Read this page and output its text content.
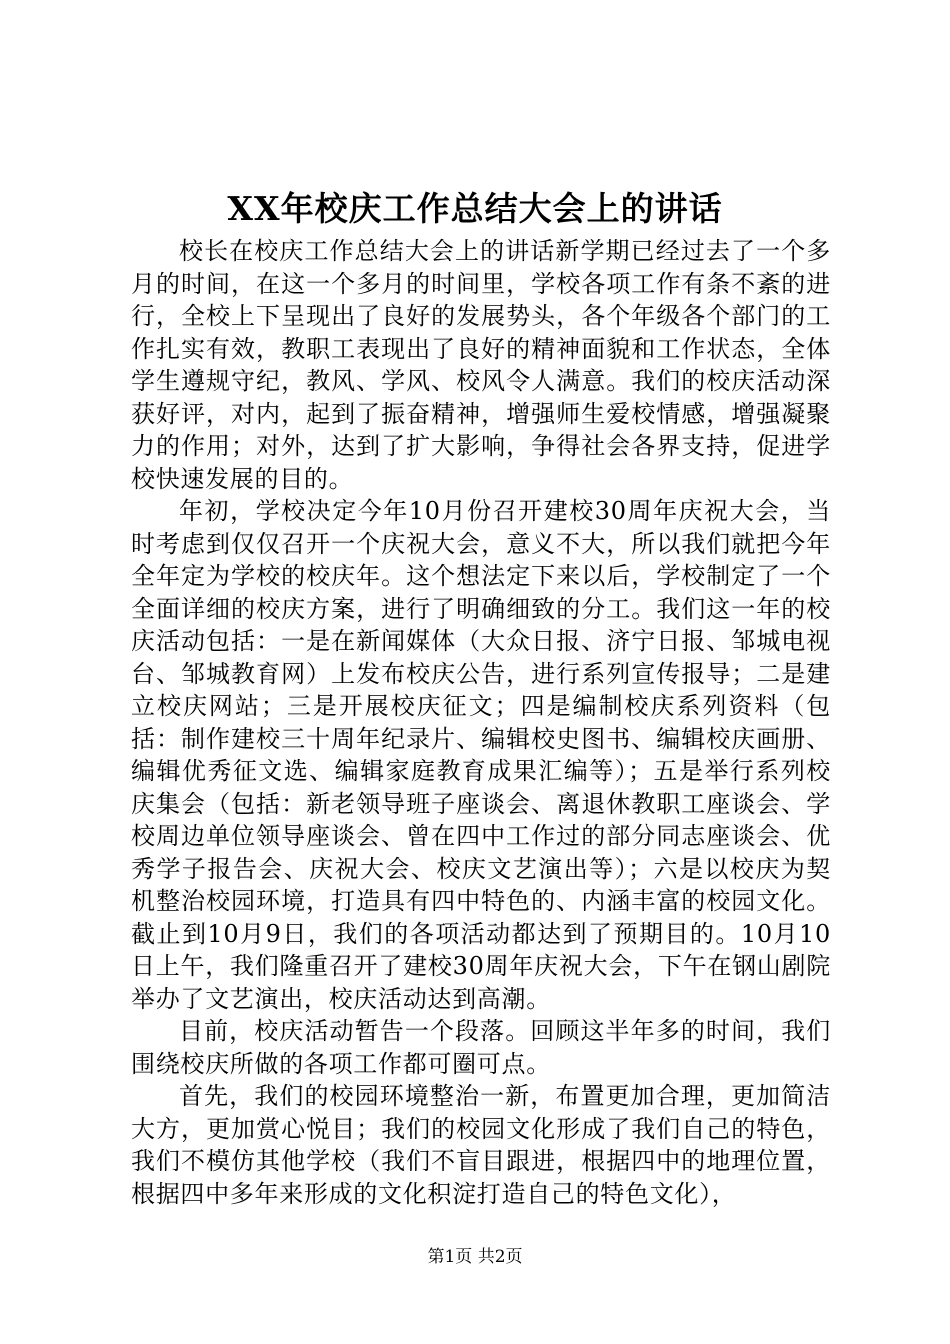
XX年校庆工作总结大会上的讲话

校长在校庆工作总结大会上的讲话新学期已经过去了一个多月的时间，在这一个多月的时间里，学校各项工作有条不紊的进行，全校上下呈现出了良好的发展势头，各个年级各个部门的工作扎实有效，教职工表现出了良好的精神面貌和工作状态，全体学生遵规守纪，教风、学风、校风令人满意。我们的校庆活动深获好评，对内，起到了振奋精神，增强师生爱校情感，增强凝聚力的作用；对外，达到了扩大影响，争得社会各界支持，促进学校快速发展的目的。

年初，学校决定今年10月份召开建校30周年庆祝大会，当时考虑到仅仅召开一个庆祝大会，意义不大，所以我们就把今年全年定为学校的校庆年。这个想法定下来以后，学校制定了一个全面详细的校庆方案，进行了明确细致的分工。我们这一年的校庆活动包括：一是在新闻媒体（大众日报、济宁日报、邹城电视台、邹城教育网）上发布校庆公告，进行系列宣传报导；二是建立校庆网站；三是开展校庆征文；四是编制校庆系列资料（包括：制作建校三十周年纪录片、编辑校史图书、编辑校庆画册、编辑优秀征文选、编辑家庭教育成果汇编等）；五是举行系列校庆集会（包括：新老领导班子座谈会、离退休教职工座谈会、学校周边单位领导座谈会、曾在四中工作过的部分同志座谈会、优秀学子报告会、庆祝大会、校庆文艺演出等）；六是以校庆为契机整治校园环境，打造具有四中特色的、内涵丰富的校园文化。截止到10月9日，我们的各项活动都达到了预期目的。10月10日上午，我们隆重召开了建校30周年庆祝大会，下午在钢山剧院举办了文艺演出，校庆活动达到高潮。

目前，校庆活动暂告一个段落。回顾这半年多的时间，我们围绕校庆所做的各项工作都可圈可点。

首先，我们的校园环境整治一新，布置更加合理，更加简洁大方，更加赏心悦目；我们的校园文化形成了我们自己的特色，我们不模仿其他学校（我们不盲目跟进，根据四中的地理位置，根据四中多年来形成的文化积淀打造自己的特色文化），

第1页 共2页
